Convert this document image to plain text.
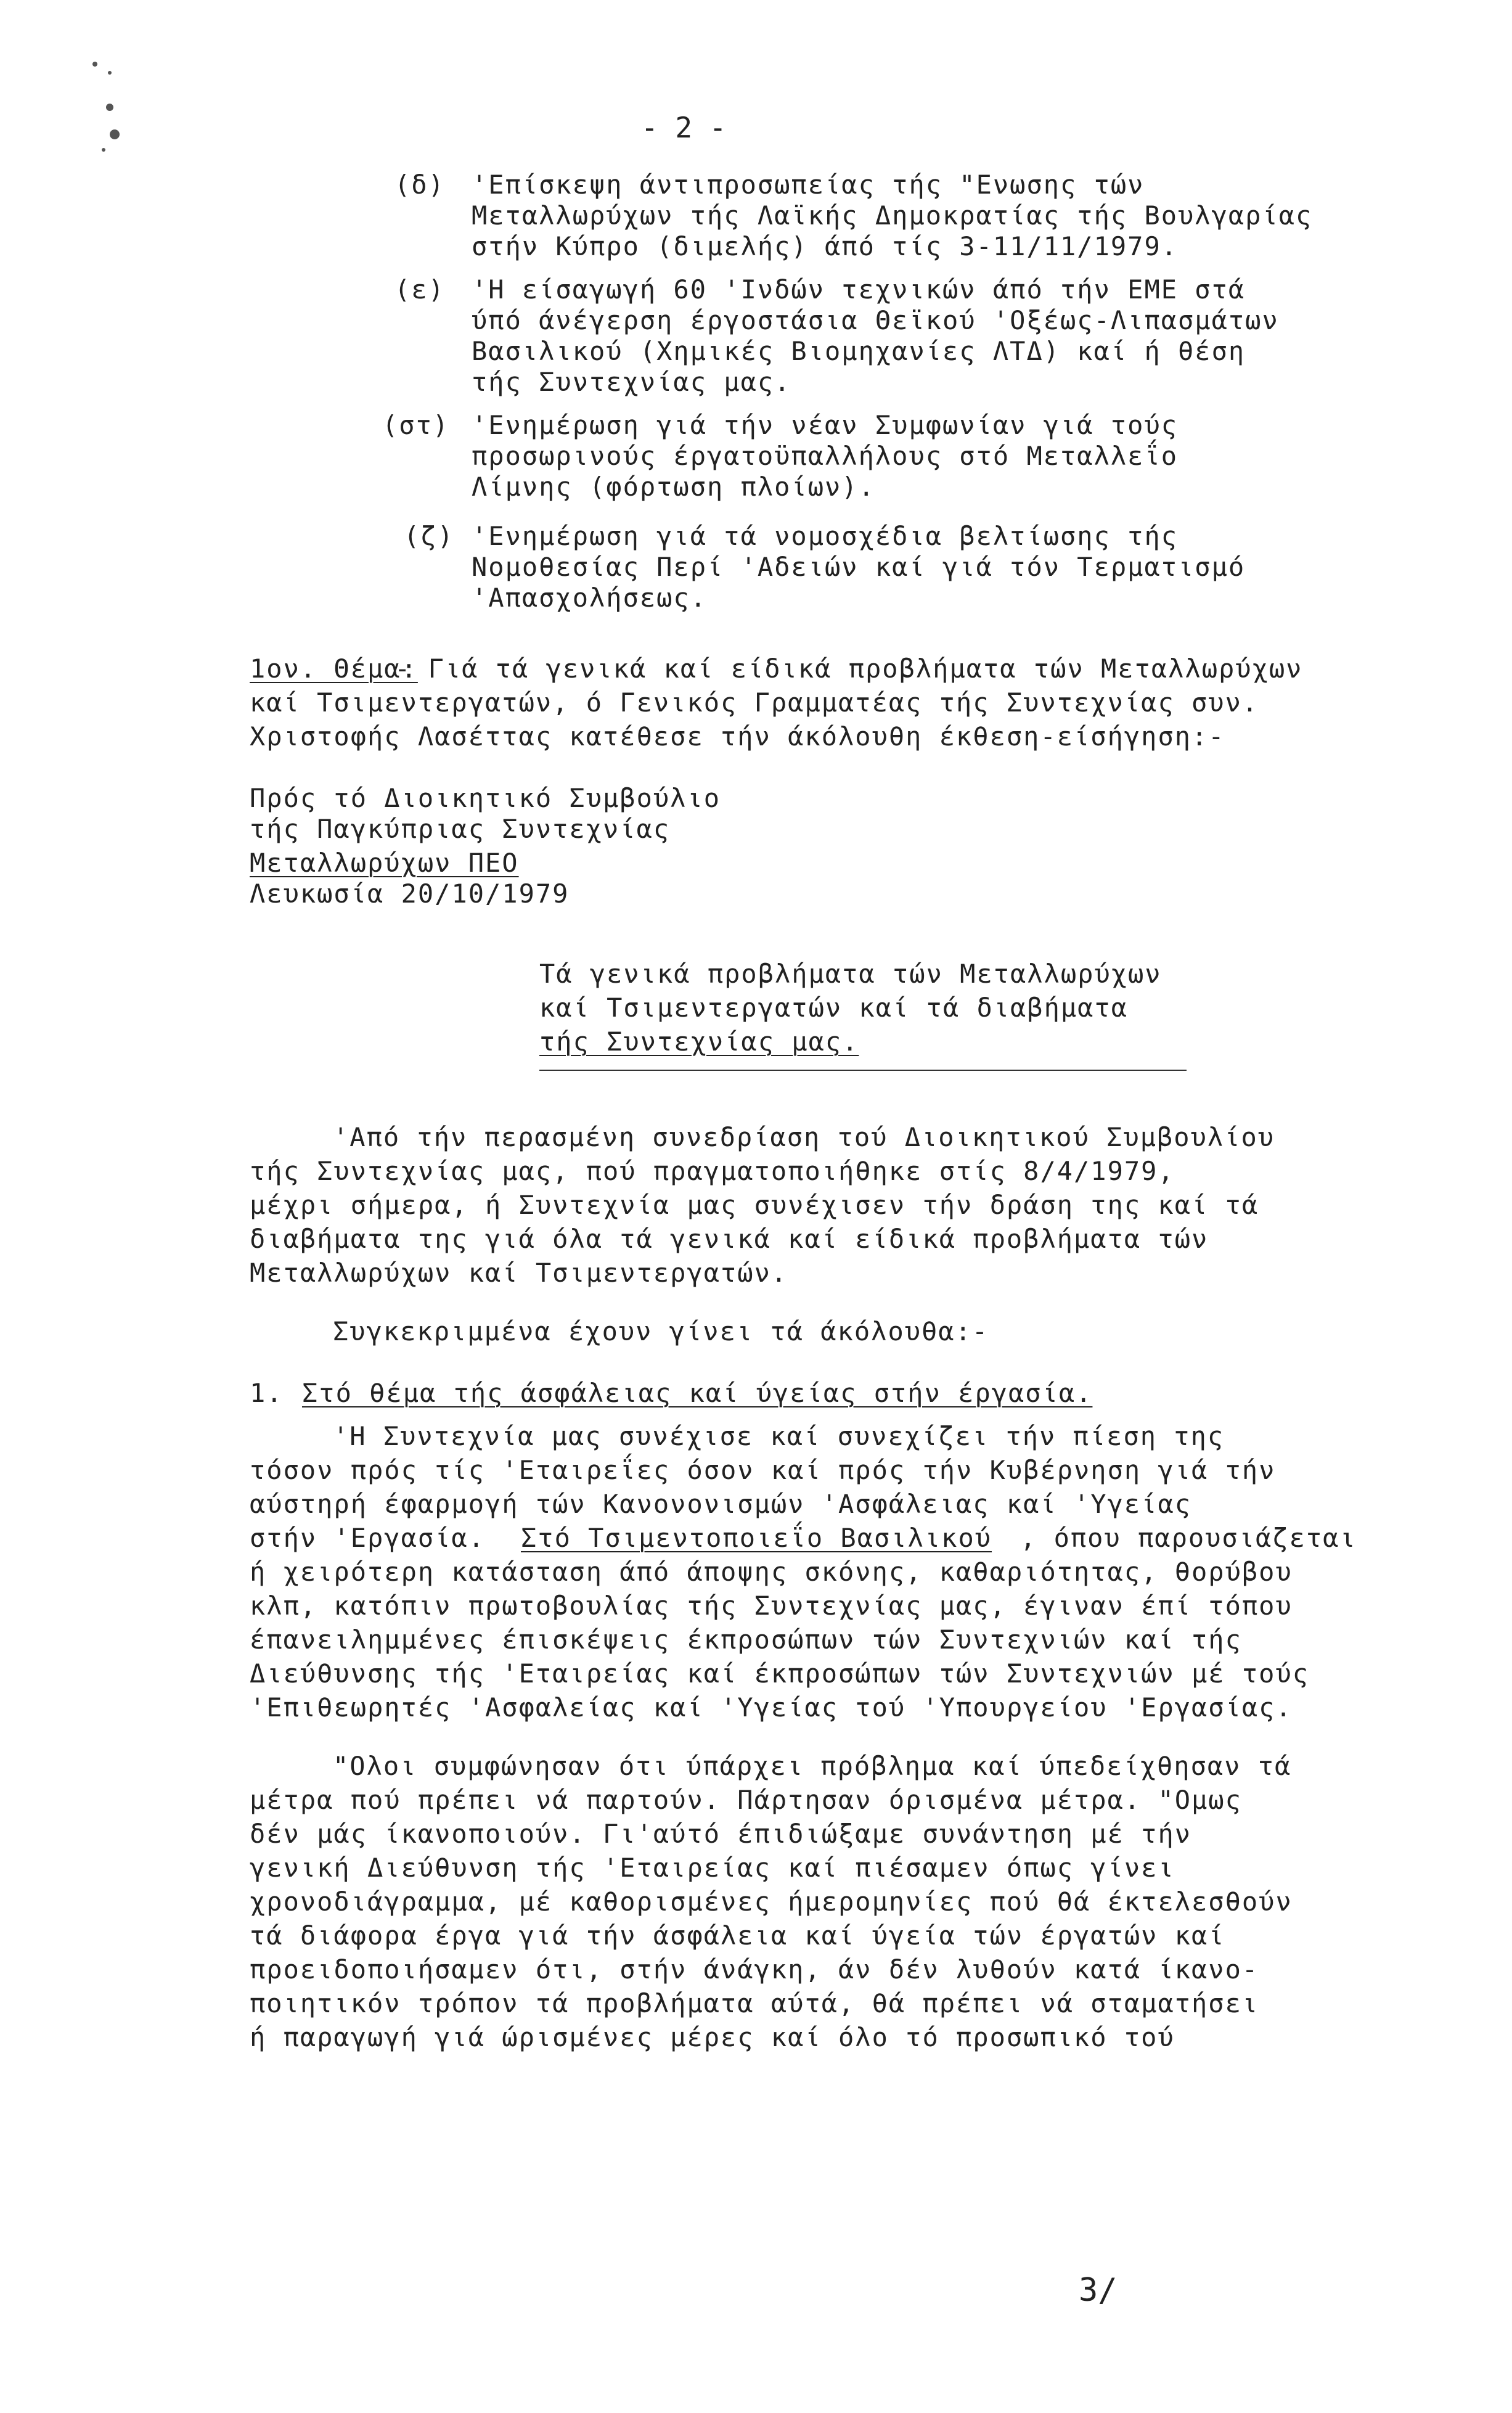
- 2 -
(δ) 'Επίσκεψη άντιπροσωπείας τής "Ενωσης τών
Μεταλλωρύχων τής Λαϊκής Δημοκρατίας τής Βουλγαρίας
στήν Κύπρο (διμελής) άπό τίς 3-11/11/1979.
(ε) 'Η είσαγωγή 60 'Ινδών τεχνικών άπό τήν ΕΜΕ στά
ύπό άνέγερση έργοστάσια Θεϊκού 'Οξέως-Λιπασμάτων
Βασιλικού (Χημικές Βιομηχανίες ΛΤΔ) καί ή θέση
τής Συντεχνίας μας.
(στ) 'Ενημέρωση γιά τήν νέαν Συμφωνίαν γιά τούς
προσωρινούς έργατοϋπαλλήλους στό Μεταλλεΐο
Λίμνης (φόρτωση πλοίων).
(ζ) 'Ενημέρωση γιά τά νομοσχέδια βελτίωσης τής
Νομοθεσίας Περί 'Αδειών καί γιά τόν Τερματισμό
'Απασχολήσεως.
1ον. Θέμα:
- Γιά τά γενικά καί είδικά προβλήματα τών Μεταλλωρύχων
καί Τσιμεντεργατών, ό Γενικός Γραμματέας τής Συντεχνίας συν.
Χριστοφής Λασέττας κατέθεσε τήν άκόλουθη έκθεση-είσήγηση:-
Πρός τό Διοικητικό Συμβούλιο
τής Παγκύπριας Συντεχνίας
Μεταλλωρύχων ΠΕΟ
Λευκωσία 20/10/1979
Τά γενικά προβλήματα τών Μεταλλωρύχων
καί Τσιμεντεργατών καί τά διαβήματα
τής Συντεχνίας μας.
'Από τήν περασμένη συνεδρίαση τού Διοικητικού Συμβουλίου
τής Συντεχνίας μας, πού πραγματοποιήθηκε στίς 8/4/1979,
μέχρι σήμερα, ή Συντεχνία μας συνέχισεν τήν δράση της καί τά
διαβήματα της γιά όλα τά γενικά καί είδικά προβλήματα τών
Μεταλλωρύχων καί Τσιμεντεργατών.
Συγκεκριμμένα έχουν γίνει τά άκόλουθα:-
1. Στό θέμα τής άσφάλειας καί ύγείας στήν έργασία.
'Η Συντεχνία μας συνέχισε καί συνεχίζει τήν πίεση της
τόσον πρός τίς 'Εταιρεΐες όσον καί πρός τήν Κυβέρνηση γιά τήν
αύστηρή έφαρμογή τών Κανονονισμών 'Ασφάλειας καί 'Υγείας
στήν 'Εργασία. Στό Τσιμεντοποιεΐο Βασιλικού , όπου παρουσιάζεται
ή χειρότερη κατάσταση άπό άποψης σκόνης, καθαριότητας, θορύβου
κλπ, κατόπιν πρωτοβουλίας τής Συντεχνίας μας, έγιναν έπί τόπου
έπανειλημμένες έπισκέψεις έκπροσώπων τών Συντεχνιών καί τής
Διεύθυνσης τής 'Εταιρείας καί έκπροσώπων τών Συντεχνιών μέ τούς
'Επιθεωρητές 'Ασφαλείας καί 'Υγείας τού 'Υπουργείου 'Εργασίας.
"Ολοι συμφώνησαν ότι ύπάρχει πρόβλημα καί ύπεδείχθησαν τά
μέτρα πού πρέπει νά παρτούν. Πάρτησαν όρισμένα μέτρα. "Ομως
δέν μάς ίκανοποιούν. Γι'αύτό έπιδιώξαμε συνάντηση μέ τήν
γενική Διεύθυνση τής 'Εταιρείας καί πιέσαμεν όπως γίνει
χρονοδιάγραμμα, μέ καθορισμένες ήμερομηνίες πού θά έκτελεσθούν
τά διάφορα έργα γιά τήν άσφάλεια καί ύγεία τών έργατών καί
προειδοποιήσαμεν ότι, στήν άνάγκη, άν δέν λυθούν κατά ίκανο-
ποιητικόν τρόπον τά προβλήματα αύτά, θά πρέπει νά σταματήσει
ή παραγωγή γιά ώρισμένες μέρες καί όλο τό προσωπικό τού
3/
